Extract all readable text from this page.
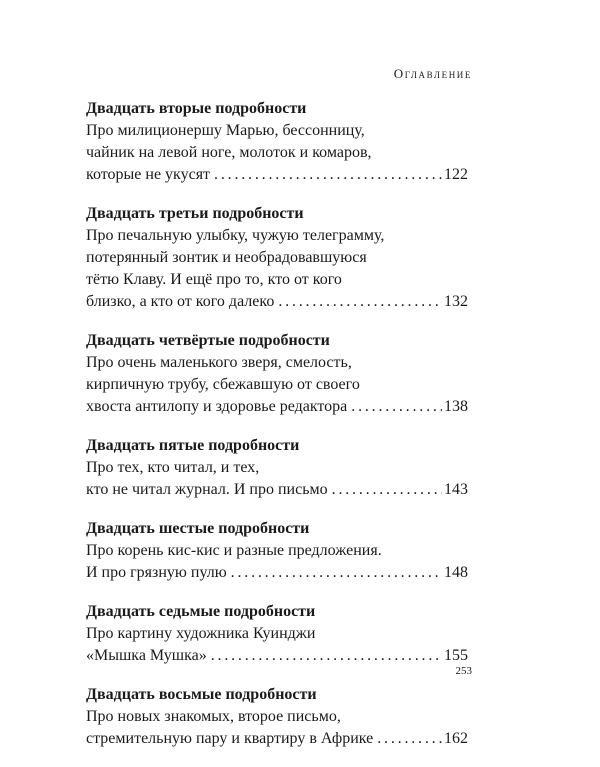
Оглавление
Двадцать вторые подробности
Про милиционершу Марью, бессонницу,
чайник на левой ноге, молоток и комаров,
которые не укусят . . .	122
Двадцать третьи подробности
Про печальную улыбку, чужую телеграмму,
потерянный зонтик и необрадовавшуюся
тётю Клаву. И ещё про то, кто от кого
близко, а кто от кого далеко . . .	132
Двадцать четвёртые подробности
Про очень маленького зверя, смелость,
кирпичную трубу, сбежавшую от своего
хвоста антилопу и здоровье редактора . . .	138
Двадцать пятые подробности
Про тех, кто читал, и тех,
кто не читал журнал. И про письмо . . .	143
Двадцать шестые подробности
Про корень кис-кис и разные предложения.
И про грязную пулю . . .	148
Двадцать седьмые подробности
Про картину художника Куинджи
«Мышка Мушка» . . .	155
Двадцать восьмые подробности
Про новых знакомых, второе письмо,
стремительную пару и квартиру в Африке . . .	162
253
